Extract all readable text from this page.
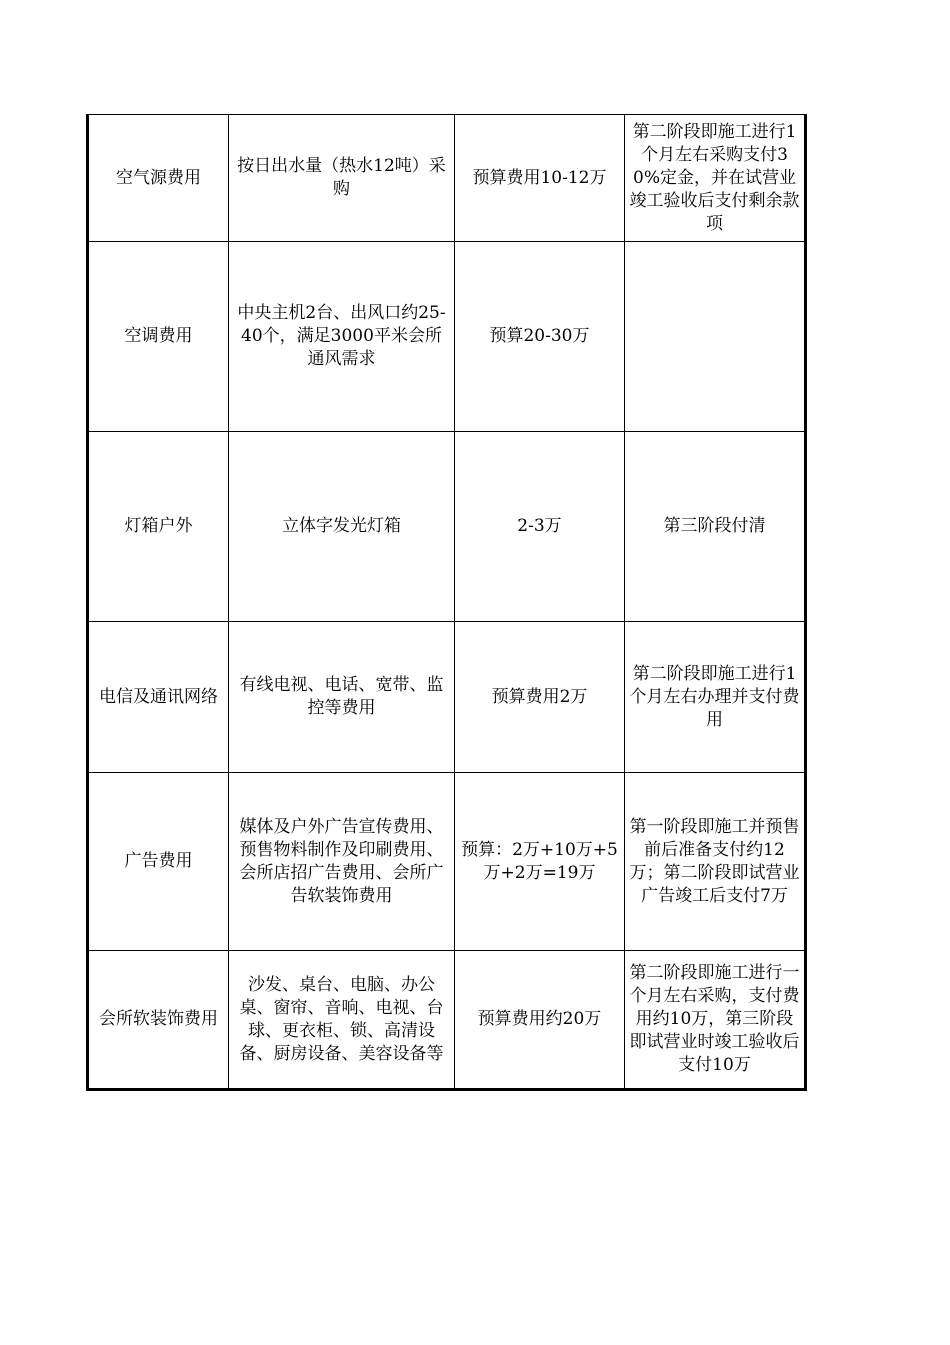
空气源费用	按日出水量（热水12吨）采购	预算费用10-12万	第二阶段即施工进行1个月左右采购支付30%定金，并在试营业竣工验收后支付剩余款项
空调费用	中央主机2台、出风口约25-40个，满足3000平米会所通风需求	预算20-30万	
灯箱户外	立体字发光灯箱	2-3万	第三阶段付清
电信及通讯网络	有线电视、电话、宽带、监控等费用	预算费用2万	第二阶段即施工进行1个月左右办理并支付费用
广告费用	媒体及户外广告宣传费用、预售物料制作及印刷费用、会所店招广告费用、会所广告软装饰费用	预算：2万+10万+5万+2万=19万	第一阶段即施工并预售前后准备支付约12万；第二阶段即试营业广告竣工后支付7万
会所软装饰费用	沙发、桌台、电脑、办公桌、窗帘、音响、电视、台球、更衣柜、锁、高清设备、厨房设备、美容设备等	预算费用约20万	第二阶段即施工进行一个月左右采购，支付费用约10万，第三阶段即试营业时竣工验收后支付10万
